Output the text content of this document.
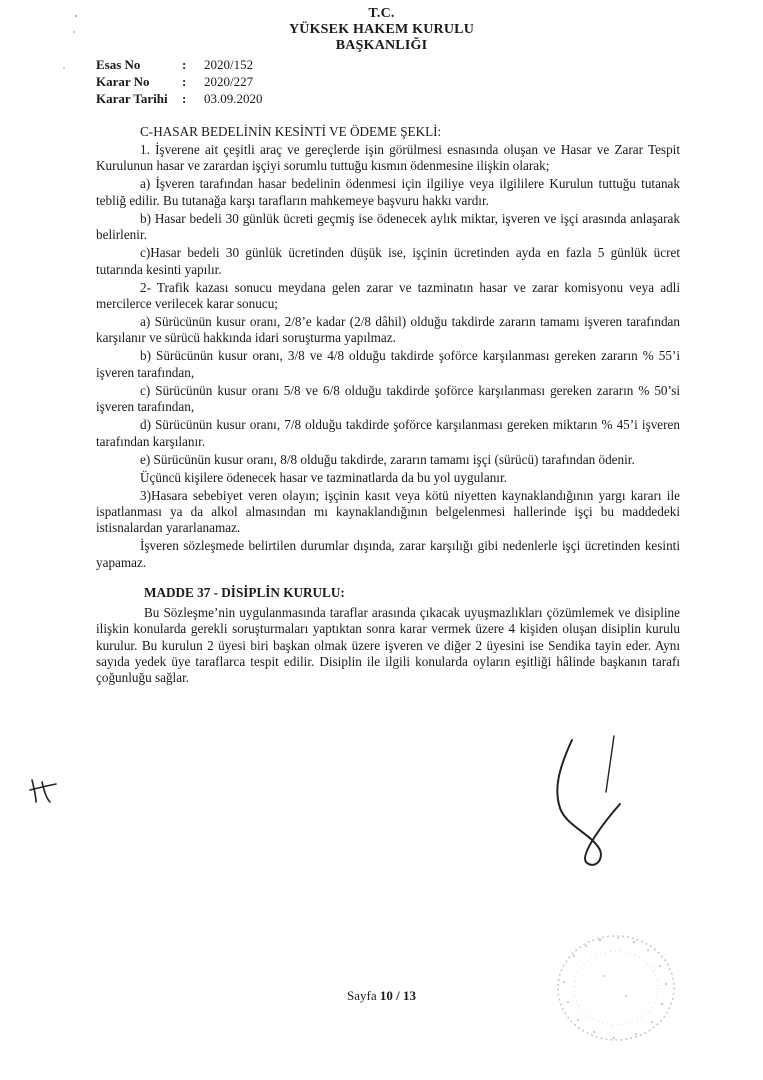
T.C.
YÜKSEK HAKEM KURULU
BAŞKANLIĞI
Esas No	:	2020/152
Karar No	:	2020/227
Karar Tarihi	:	03.09.2020

C-HASAR BEDELİNİN KESİNTİ VE ÖDEME ŞEKLİ:

1. İşverene ait çeşitli araç ve gereçlerde işin görülmesi esnasında oluşan ve Hasar ve Zarar Tespit Kurulunun hasar ve zarardan işçiyi sorumlu tuttuğu kısmın ödenmesine ilişkin olarak;

a) İşveren tarafından hasar bedelinin ödenmesi için ilgiliye veya ilgililere Kurulun tuttuğu tutanak tebliğ edilir. Bu tutanağa karşı tarafların mahkemeye başvuru hakkı vardır.

b) Hasar bedeli 30 günlük ücreti geçmiş ise ödenecek aylık miktar, işveren ve işçi arasında anlaşarak belirlenir.

c)Hasar bedeli 30 günlük ücretinden düşük ise, işçinin ücretinden ayda en fazla 5 günlük ücret tutarında kesinti yapılır.

2- Trafik kazası sonucu meydana gelen zarar ve tazminatın hasar ve zarar komisyonu veya adli mercilerce verilecek karar sonucu;

a) Sürücünün kusur oranı, 2/8’e kadar (2/8 dâhil) olduğu takdirde zararın tamamı işveren tarafından karşılanır ve sürücü hakkında idari soruşturma yapılmaz.

b) Sürücünün kusur oranı, 3/8 ve 4/8 olduğu takdirde şoförce karşılanması gereken zararın % 55’i işveren tarafından,

c) Sürücünün kusur oranı 5/8 ve 6/8 olduğu takdirde şoförce karşılanması gereken zararın % 50’si işveren tarafından,

d) Sürücünün kusur oranı, 7/8 olduğu takdirde şoförce karşılanması gereken miktarın % 45’i işveren tarafından karşılanır.

e) Sürücünün kusur oranı, 8/8 olduğu takdirde, zararın tamamı işçi (sürücü) tarafından ödenir.

Üçüncü kişilere ödenecek hasar ve tazminatlarda da bu yol uygulanır.

3)Hasara sebebiyet veren olayın; işçinin kasıt veya kötü niyetten kaynaklandığının yargı kararı ile ispatlanması ya da alkol almasından mı kaynaklandığının belgelenmesi hallerinde işçi bu maddedeki istisnalardan yararlanamaz.

İşveren sözleşmede belirtilen durumlar dışında, zarar karşılığı gibi nedenlerle işçi ücretinden kesinti yapamaz.

MADDE 37 - DİSİPLİN KURULU:

Bu Sözleşme’nin uygulanmasında taraflar arasında çıkacak uyuşmazlıkları çözümlemek ve disipline ilişkin konularda gerekli soruşturmaları yaptıktan sonra karar vermek üzere 4 kişiden oluşan disiplin kurulu kurulur. Bu kurulun 2 üyesi biri başkan olmak üzere işveren ve diğer 2 üyesini ise Sendika tayin eder. Aynı sayıda yedek üye taraflarca tespit edilir. Disiplin ile ilgili konularda oyların eşitliği hâlinde başkanın tarafı çoğunluğu sağlar.

Sayfa 10 / 13
